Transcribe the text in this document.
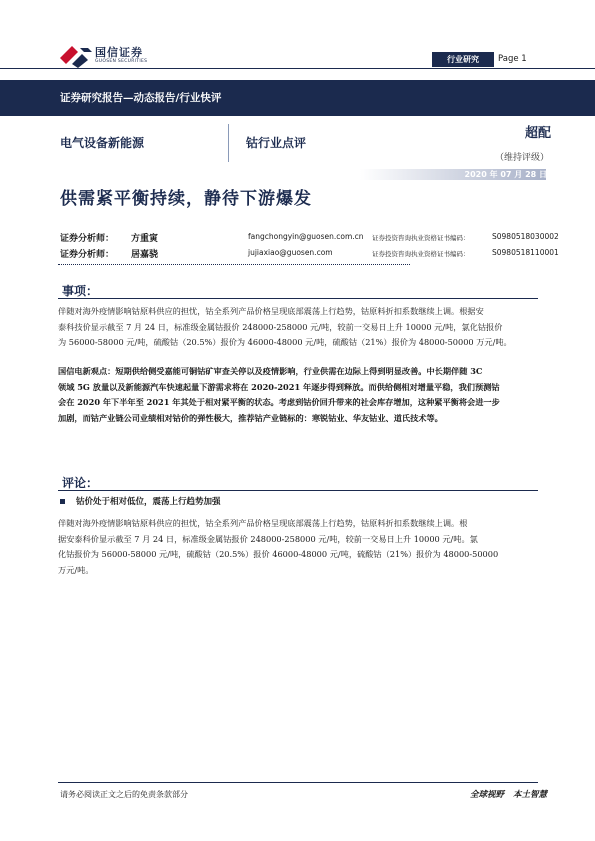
国信证券
GUOSEN SECURITIES	行业研究	Page 1
证券研究报告—动态报告/行业快评
电气设备新能源	钴行业点评
超配
（维持评级）
2020 年 07 月 28 日
供需紧平衡持续，静待下游爆发
证券分析师： 方重寅	fangchongyin@guosen.com.cn 证券投资咨询执业资格证书编码：	S0980518030002
证券分析师： 居嘉骁	jujiaxiao@guosen.com	证券投资咨询执业资格证书编码：	S0980518110001
事项：
伴随对海外疫情影响钴原料供应的担忧，钴全系列产品价格呈现底部震荡上行趋势，钴原料折扣系数继续上调。根据安
泰科技价显示截至 7 月 24 日，标准级金属钴报价 248000-258000 元/吨，较前一交易日上升 10000 元/吨，氯化钴报价
为 56000-58000 元/吨，硫酸钴（20.5%）报价为 46000-48000 元/吨，硫酸钴（21%）报价为 48000-50000 万元/吨。
国信电新观点：短期供给侧受嘉能可铜钴矿审查关停以及疫情影响，行业供需在边际上得到明显改善。中长期伴随 3C
领域 5G 放量以及新能源汽车快速起量下游需求将在 2020-2021 年逐步得到释放。而供给侧相对增量平稳，我们预测钴
会在 2020 年下半年至 2021 年其处于相对紧平衡的状态。考虑到钴价回升带来的社会库存增加，这种紧平衡将会进一步
加剧，而钴产业链公司业绩相对钴价的弹性极大，推荐钴产业链标的：寒锐钴业、华友钴业、道氏技术等。
评论：
钴价处于相对低位，震荡上行趋势加强
伴随对海外疫情影响钴原料供应的担忧，钴全系列产品价格呈现底部震荡上行趋势，钴原料折扣系数继续上调。根
据安泰科价显示截至 7 月 24 日，标准级金属钴报价 248000-258000 元/吨，较前一交易日上升 10000 元/吨。氯
化钴报价为 56000-58000 元/吨，硫酸钴（20.5%）报价 46000-48000 元/吨，硫酸钴（21%）报价为 48000-50000
万元/吨。
请务必阅读正文之后的免责条款部分	全球视野 本土智慧
